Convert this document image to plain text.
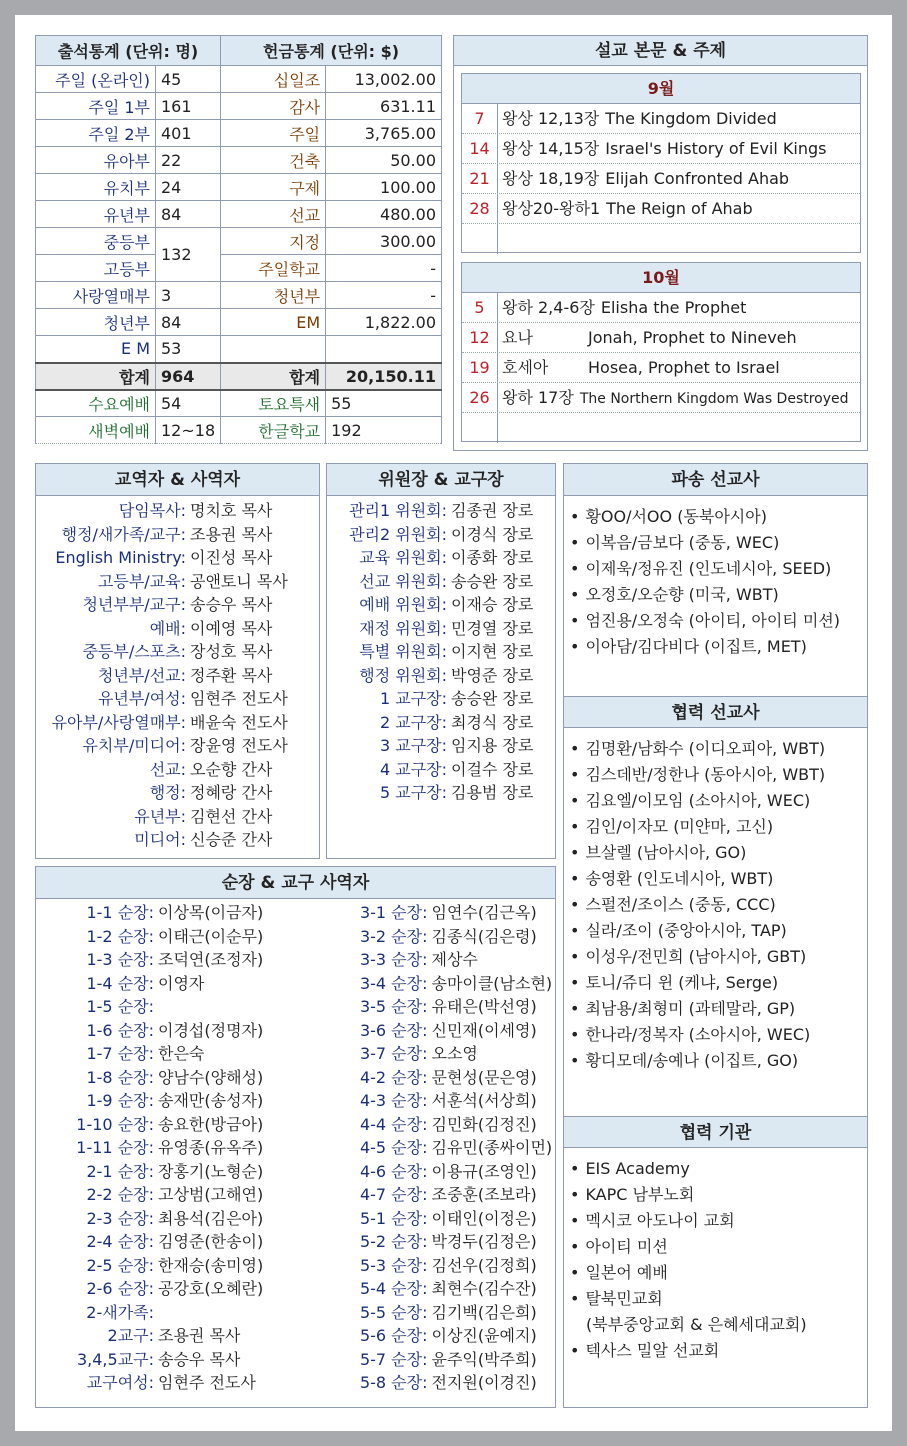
출석통계 (단위: 명)		헌금통계 (단위: $)	
주일 (온라인)	45	십일조	13,002.00
주일 1부	161	감사	631.11
주일 2부	401	주일	3,765.00
유아부	22	건축	50.00
유치부	24	구제	100.00
유년부	84	선교	480.00
중등부	132	지정	300.00
고등부		주일학교	-
사랑열매부	3	청년부	-
청년부	84	EM	1,822.00
E M	53		
합계	964	합계	20,150.11
수요예배	54	토요특새	55
새벽예배	12~18	한글학교	192
설교 본문 & 주제
9월
7	왕상 12,13장 The Kingdom Divided
14 왕상 14,15장 Israel's History of Evil Kings
21 왕상 18,19장 Elijah Confronted Ahab
28 왕상20-왕하1 The Reign of Ahab
10월
5	왕하 2,4-6장 Elisha the Prophet
12 요나	Jonah, Prophet to Nineveh
19 호세아 Hosea, Prophet to Israel
26 왕하 17장 The Northern Kingdom Was Destroyed
교역자 & 사역자
담임목사: 명치호 목사
행정/새가족/교구: 조용권 목사
English Ministry: 이진성 목사
고등부/교육: 공앤토니 목사
청년부부/교구: 송승우 목사
예배: 이예영 목사
중등부/스포츠: 장성호 목사
청년부/선교: 정주환 목사
유년부/여성: 임현주 전도사
유아부/사랑열매부: 배윤숙 전도사
유치부/미디어: 장윤영 전도사
선교: 오순향 간사
행정: 정혜랑 간사
유년부: 김현선 간사
미디어: 신승준 간사
위원장 & 교구장
관리1 위원회: 김종권 장로
관리2 위원회: 이경식 장로
교육 위원회: 이종화 장로
선교 위원회: 송승완 장로
예배 위원회: 이재승 장로
재정 위원회: 민경열 장로
특별 위원회: 이지현 장로
행정 위원회: 박영준 장로
1 교구장: 송승완 장로
2 교구장: 최경식 장로
3 교구장: 임지용 장로
4 교구장: 이걸수 장로
5 교구장: 김용범 장로
순장 & 교구 사역자
1-1 순장: 이상목(이금자)
1-2 순장: 이태근(이순무)
1-3 순장: 조덕연(조정자)
1-4 순장: 이영자
1-5 순장:
1-6 순장: 이경섭(정명자)
1-7 순장: 한은숙
1-8 순장: 양남수(양해성)
1-9 순장: 송재만(송성자)
1-10 순장: 송요한(방금아)
1-11 순장: 유영종(유옥주)
2-1 순장: 장홍기(노형순)
2-2 순장: 고상범(고해연)
2-3 순장: 최용석(김은아)
2-4 순장: 김영준(한송이)
2-5 순장: 한재승(송미영)
2-6 순장: 공강호(오혜란)
2-새가족:
2교구: 조용권 목사
3,4,5교구: 송승우 목사
교구여성: 임현주 전도사
3-1 순장: 임연수(김근옥)
3-2 순장: 김종식(김은령)
3-3 순장: 제상수
3-4 순장: 송마이클(남소현)
3-5 순장: 유태은(박선영)
3-6 순장: 신민재(이세영)
3-7 순장: 오소영
4-2 순장: 문현성(문은영)
4-3 순장: 서훈석(서상희)
4-4 순장: 김민화(김정진)
4-5 순장: 김유민(종싸이먼)
4-6 순장: 이용규(조영인)
4-7 순장: 조중훈(조보라)
5-1 순장: 이태인(이정은)
5-2 순장: 박경두(김정은)
5-3 순장: 김선우(김정희)
5-4 순장: 최현수(김수잔)
5-5 순장: 김기백(김은희)
5-6 순장: 이상진(윤예지)
5-7 순장: 윤주익(박주희)
5-8 순장: 전지원(이경진)
파송 선교사
• 황OO/서OO (동북아시아)
• 이복음/금보다 (중동, WEC)
• 이제욱/정유진 (인도네시아, SEED)
• 오정호/오순향 (미국, WBT)
• 엄진용/오정숙 (아이티, 아이티 미션)
• 이아담/김다비다 (이집트, MET)
협력 선교사
• 김명환/남화수 (이디오피아, WBT)
• 김스데반/정한나 (동아시아, WBT)
• 김요엘/이모임 (소아시아, WEC)
• 김인/이자모 (미얀마, 고신)
• 브살렐 (남아시아, GO)
• 송영환 (인도네시아, WBT)
• 스펄전/조이스 (중동, CCC)
• 실라/조이 (중앙아시아, TAP)
• 이성우/전민희 (남아시아, GBT)
• 토니/쥬디 윈 (케냐, Serge)
• 최남용/최형미 (과테말라, GP)
• 한나라/정복자 (소아시아, WEC)
• 황디모데/송예나 (이집트, GO)
협력 기관
• EIS Academy
• KAPC 남부노회
• 멕시코 아도나이 교회
• 아이티 미션
• 일본어 예배
• 탈북민교회
(북부중앙교회 & 은혜세대교회)
• 텍사스 밀알 선교회
